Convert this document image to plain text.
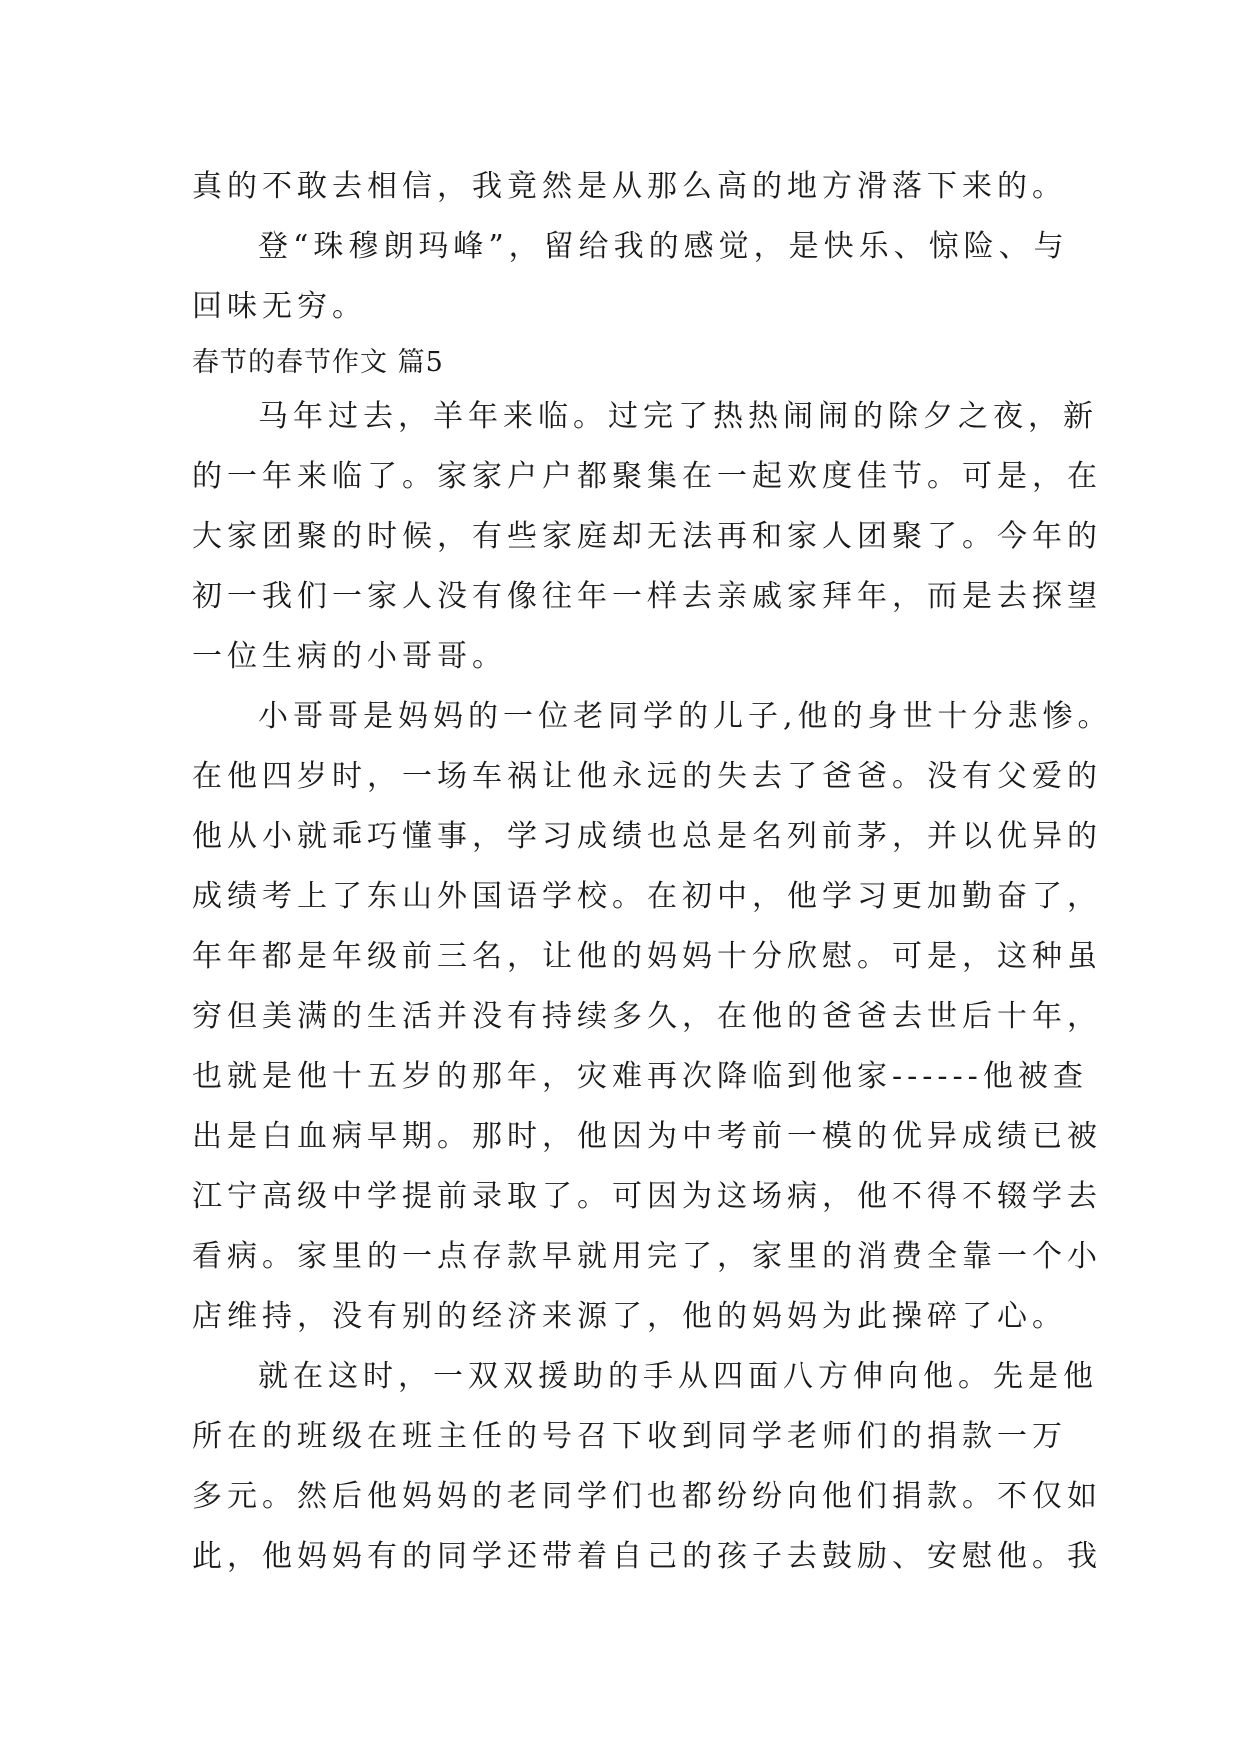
真的不敢去相信，我竟然是从那么高的地方滑落下来的。
登“珠穆朗玛峰”，留给我的感觉，是快乐、惊险、与
回味无穷。
春节的春节作文 篇5
马年过去，羊年来临。过完了热热闹闹的除夕之夜，新
的一年来临了。家家户户都聚集在一起欢度佳节。可是，在
大家团聚的时候，有些家庭却无法再和家人团聚了。今年的
初一我们一家人没有像往年一样去亲戚家拜年，而是去探望
一位生病的小哥哥。
小哥哥是妈妈的一位老同学的儿子,他的身世十分悲惨。
在他四岁时，一场车祸让他永远的失去了爸爸。没有父爱的
他从小就乖巧懂事，学习成绩也总是名列前茅，并以优异的
成绩考上了东山外国语学校。在初中，他学习更加勤奋了，
年年都是年级前三名，让他的妈妈十分欣慰。可是，这种虽
穷但美满的生活并没有持续多久，在他的爸爸去世后十年，
也就是他十五岁的那年，灾难再次降临到他家------他被查
出是白血病早期。那时，他因为中考前一模的优异成绩已被
江宁高级中学提前录取了。可因为这场病，他不得不辍学去
看病。家里的一点存款早就用完了，家里的消费全靠一个小
店维持，没有别的经济来源了，他的妈妈为此操碎了心。
就在这时，一双双援助的手从四面八方伸向他。先是他
所在的班级在班主任的号召下收到同学老师们的捐款一万
多元。然后他妈妈的老同学们也都纷纷向他们捐款。不仅如
此，他妈妈有的同学还带着自己的孩子去鼓励、安慰他。我
